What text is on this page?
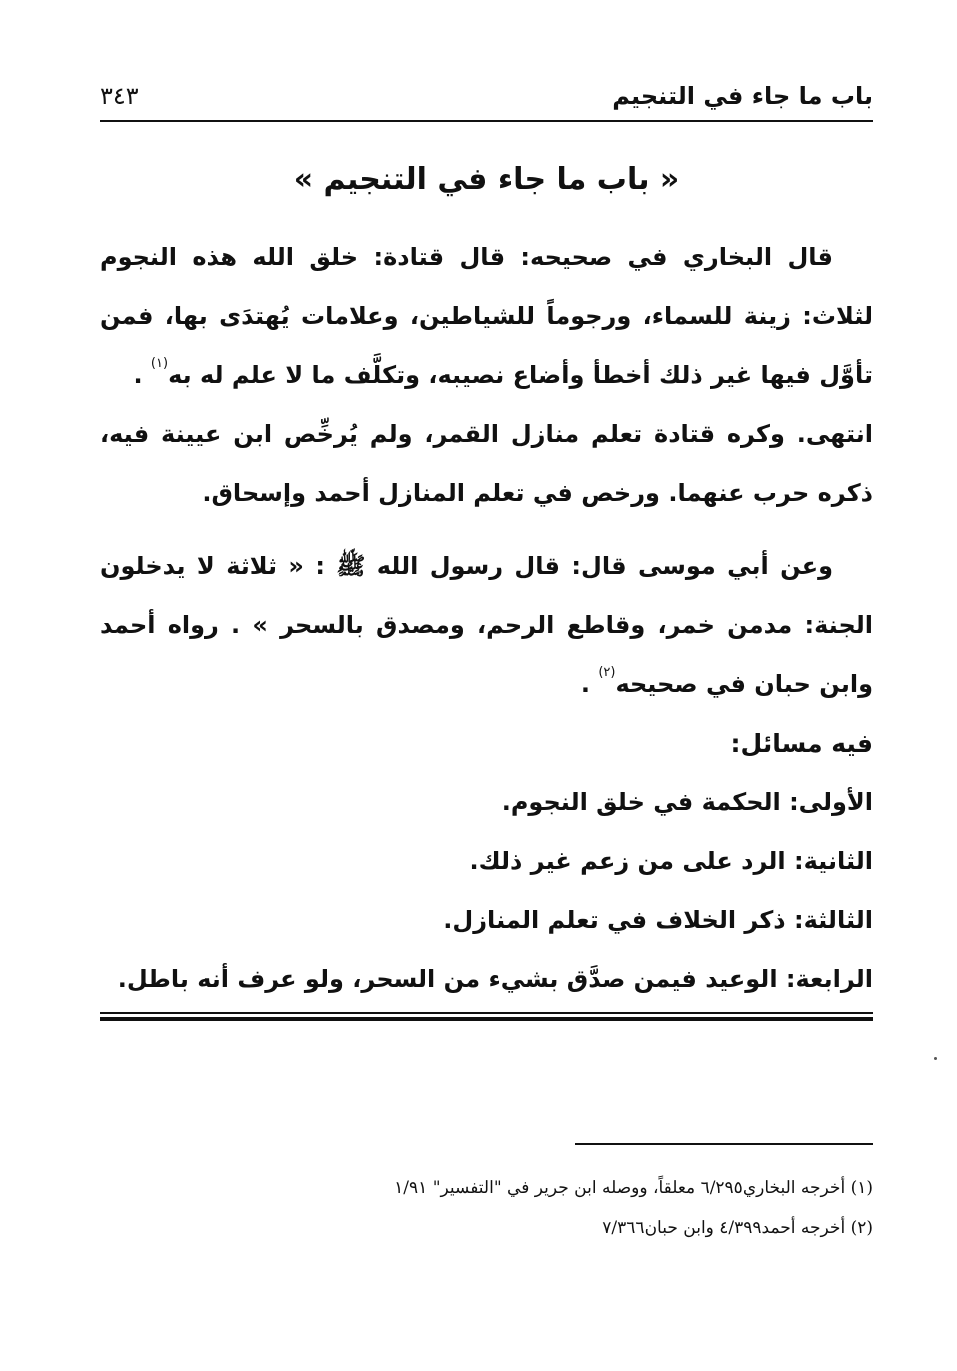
باب ما جاء في التنجيم
٣٤٣
« باب ما جاء في التنجيم »

قال البخاري في صحيحه: قال قتادة: خلق الله هذه النجوم لثلاث: زينة للسماء، ورجوماً للشياطين، وعلامات يُهتدَى بها، فمن تأوَّل فيها غير ذلك أخطأ وأضاع نصيبه، وتكلَّف ما لا علم له به$^{(١)}$ .

انتهى. وكره قتادة تعلم منازل القمر، ولم يُرخِّص ابن عيينة فيه، ذكره حرب عنهما. ورخص في تعلم المنازل أحمد وإسحاق.

وعن أبي موسى قال: قال رسول الله ﷺ : « ثلاثة لا يدخلون الجنة: مدمن خمر، وقاطع الرحم، ومصدق بالسحر » . رواه أحمد وابن حبان في صحيحه$^{(٢)}$ .

فيه مسائل:

الأولى: الحكمة في خلق النجوم.

الثانية: الرد على من زعم غير ذلك.

الثالثة: ذكر الخلاف في تعلم المنازل.

الرابعة: الوعيد فيمن صدَّق بشيء من السحر، ولو عرف أنه باطل.

(١) أخرجه البخاري٦/٢٩٥ معلقاً، ووصله ابن جرير في "التفسير" ١/٩١

(٢) أخرجه أحمد٤/٣٩٩ وابن حبان٧/٣٦٦
